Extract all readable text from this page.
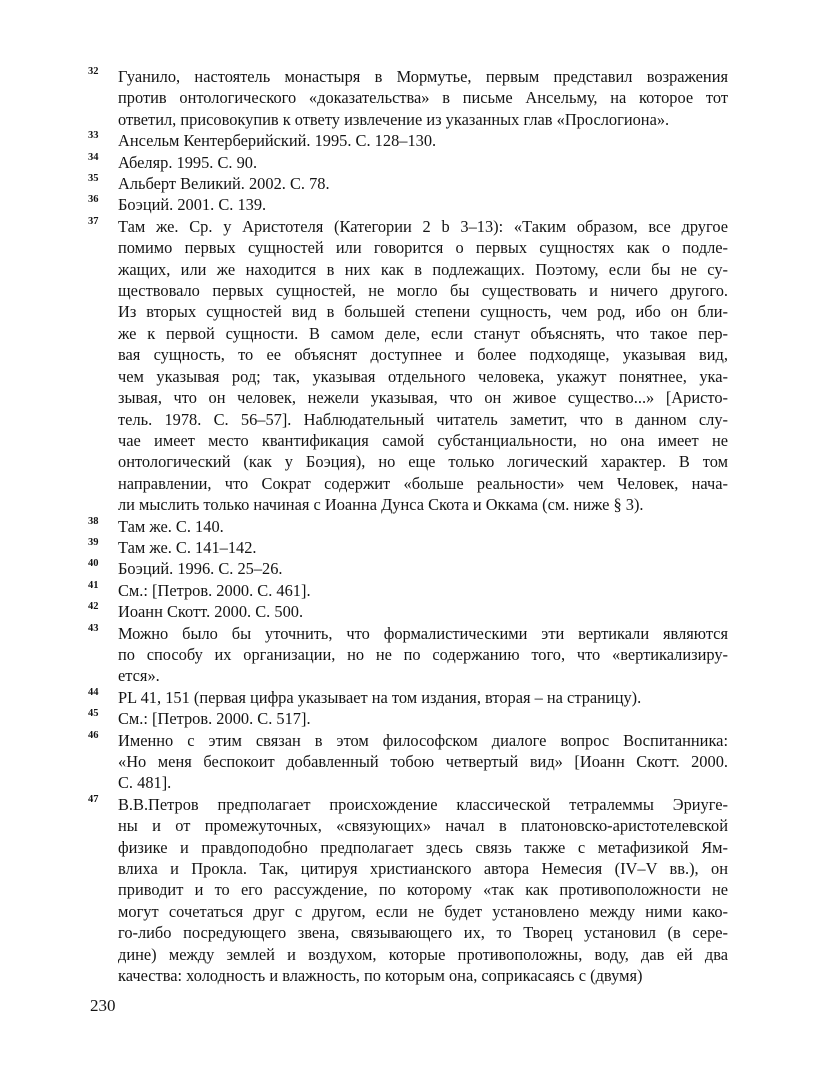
32	Гуанило, настоятель монастыря в Мормутье, первым представил возражения
против онтологического «доказательства» в письме Ансельму, на которое тот
ответил, присовокупив к ответу извлечение из указанных глав «Прослогиона».
33	Ансельм Кентерберийский. 1995. С. 128–130.
34	Абеляр. 1995. С. 90.
35	Альберт Великий. 2002. С. 78.
36	Боэций. 2001. С. 139.
37	Там же. Ср. у Аристотеля (Категории 2 b 3–13): «Таким образом, все другое
помимо первых сущностей или говорится о первых сущностях как о подле-
жащих, или же находится в них как в подлежащих. Поэтому, если бы не су-
ществовало первых сущностей, не могло бы существовать и ничего другого.
Из вторых сущностей вид в большей степени сущность, чем род, ибо он бли-
же к первой сущности. В самом деле, если станут объяснять, что такое пер-
вая сущность, то ее объяснят доступнее и более подходяще, указывая вид,
чем указывая род; так, указывая отдельного человека, укажут понятнее, ука-
зывая, что он человек, нежели указывая, что он живое существо...» [Аристо-
тель. 1978. С. 56–57]. Наблюдательный читатель заметит, что в данном слу-
чае имеет место квантификация самой субстанциальности, но она имеет не
онтологический (как у Боэция), но еще только логический характер. В том
направлении, что Сократ содержит «больше реальности» чем Человек, нача-
ли мыслить только начиная с Иоанна Дунса Скота и Оккама (см. ниже § 3).
38	Там же. С. 140.
39	Там же. С. 141–142.
40	Боэций. 1996. С. 25–26.
41	См.: [Петров. 2000. С. 461].
42	Иоанн Скотт. 2000. С. 500.
43	Можно было бы уточнить, что формалистическими эти вертикали являются
по способу их организации, но не по содержанию того, что «вертикализиру-
ется».
44	PL 41, 151 (первая цифра указывает на том издания, вторая – на страницу).
45	См.: [Петров. 2000. С. 517].
46	Именно с этим связан в этом философском диалоге вопрос Воспитанника:
«Но меня беспокоит добавленный тобою четвертый вид» [Иоанн Скотт. 2000.
С. 481].
47	В.В.Петров предполагает происхождение классической тетралеммы Эриуге-
ны и от промежуточных, «связующих» начал в платоновско-аристотелевской
физике и правдоподобно предполагает здесь связь также с метафизикой Ям-
влиха и Прокла. Так, цитируя христианского автора Немесия (IV–V вв.), он
приводит и то его рассуждение, по которому «так как противоположности не
могут сочетаться друг с другом, если не будет установлено между ними како-
го-либо посредующего звена, связывающего их, то Творец установил (в сере-
дине) между землей и воздухом, которые противоположны, воду, дав ей два
качества: холодность и влажность, по которым она, соприкасаясь с (двумя)
230
